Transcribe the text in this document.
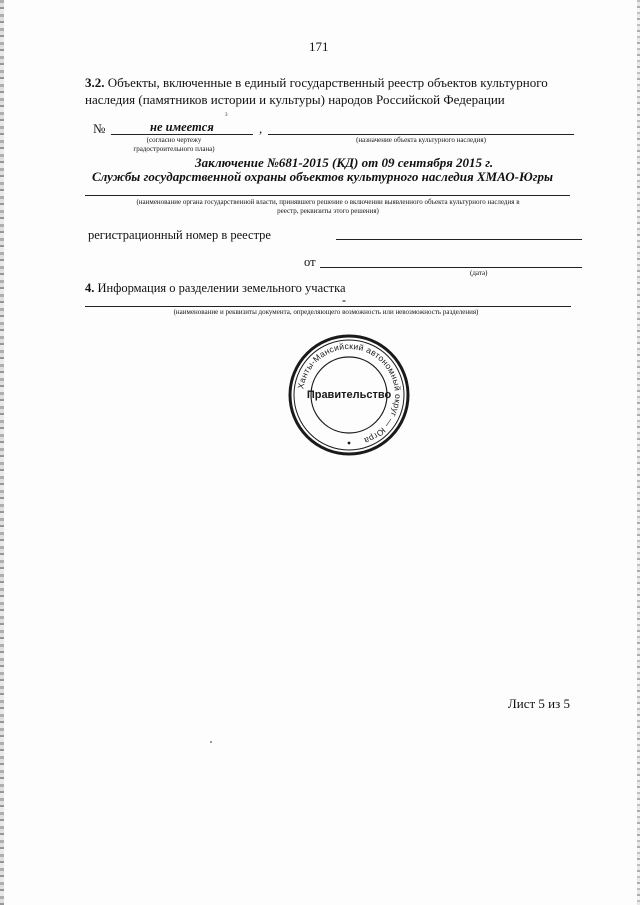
171
3.2. Объекты, включенные в единый государственный реестр объектов культурного
наследия (памятников истории и культуры) народов Российской Федерации
№	не имеется
3
,
(согласно чертежу
градостроительного плана)
(назначение объекта культурного наследия)
Заключение №681-2015 (КД) от 09 сентября 2015 г.
Службы государственной охраны объектов культурного наследия ХМАО-Югры
(наименование органа государственной власти, принявшего решение о включении выявленного объекта культурного наследия в
реестр, реквизиты этого решения)
регистрационный номер в реестре
от
(дата)
4. Информация о разделении земельного участка
-
(наименование и реквизиты документа, определяющего возможность или невозможность разделения)
Ханты-Мансийский автономный округ — Югра
Правительство
Лист 5 из 5
